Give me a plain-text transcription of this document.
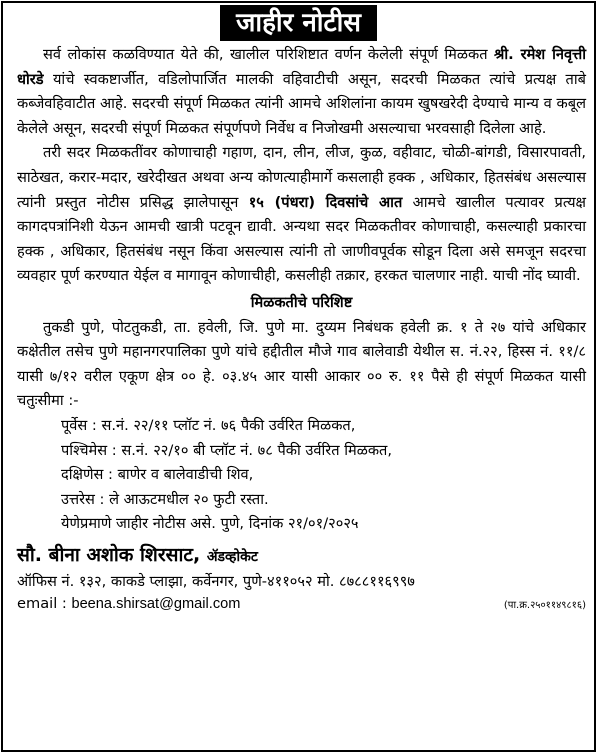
जाहीर नोटीस

सर्व लोकांस कळविण्यात येते की, खालील परिशिष्टात वर्णन केलेली संपूर्ण मिळकत श्री. रमेश निवृत्ती धोरडे यांचे स्वकष्टार्जीत, वडिलोपार्जित मालकी वहिवाटीची असून, सदरची मिळकत त्यांचे प्रत्यक्ष ताबे कब्जेवहिवाटीत आहे. सदरची संपूर्ण मिळकत त्यांनी आमचे अशिलांना कायम खुषखरेदी देण्याचे मान्य व कबूल केलेले असून, सदरची संपूर्ण मिळकत संपूर्णपणे निर्वेध व निजोखमी असल्याचा भरवसाही दिलेला आहे.

तरी सदर मिळकतींवर कोणाचाही गहाण, दान, लीन, लीज, कुळ, वहीवाट, चोळी-बांगडी, विसारपावती, साठेखत, करार-मदार, खरेदीखत अथवा अन्य कोणत्याहीमार्गे कसलाही हक्क , अधिकार, हितसंबंध असल्यास त्यांनी प्रस्तुत नोटीस प्रसिद्ध झालेपासून १५ (पंधरा) दिवसांचे आत आमचे खालील पत्यावर प्रत्यक्ष कागदपत्रांनिशी येऊन आमची खात्री पटवून द्यावी. अन्यथा सदर मिळकतीवर कोणाचाही, कसल्याही प्रकारचा हक्क , अधिकार, हितसंबंध नसून किंवा असल्यास त्यांनी तो जाणीवपूर्वक सोडून दिला असे समजून सदरचा व्यवहार पूर्ण करण्यात येईल व मागावून कोणाचीही, कसलीही तक्रार, हरकत चालणार नाही. याची नोंद घ्यावी.

मिळकतीचे परिशिष्ट

तुकडी पुणे, पोटतुकडी, ता. हवेली, जि. पुणे मा. दुय्यम निबंधक हवेली क्र. १ ते २७ यांचे अधिकार कक्षेतील तसेच पुणे महानगरपालिका पुणे यांचे हद्दीतील मौजे गाव बालेवाडी येथील स. नं.२२, हिस्स नं. ११/८ यासी ७/१२ वरील एकूण क्षेत्र ०० हे. ०३.४५ आर यासी आकार ०० रु. ११ पैसे ही संपूर्ण मिळकत यासी चतुःसीमा :-

पूर्वेस : स.नं. २२/११ प्लॉट नं. ७६ पैकी उर्वरित मिळकत,

पश्चिमेस : स.नं. २२/१० बी प्लॉट नं. ७८ पैकी उर्वरित मिळकत,

दक्षिणेस : बाणेर व बालेवाडीची शिव,

उत्तरेस : ले आऊटमधील २० फुटी रस्ता.

येणेप्रमाणे जाहीर नोटीस असे. पुणे, दिनांक २१/०१/२०२५

सौ. बीना अशोक शिरसाट, ॲडव्होकेट
ऑफिस नं. १३२, काकडे प्लाझा, कर्वेनगर, पुणे-४११०५२ मो. ८७८८११६९९७
email : beena.shirsat@gmail.com	(पा.क्र.२५०११४९८१६)
